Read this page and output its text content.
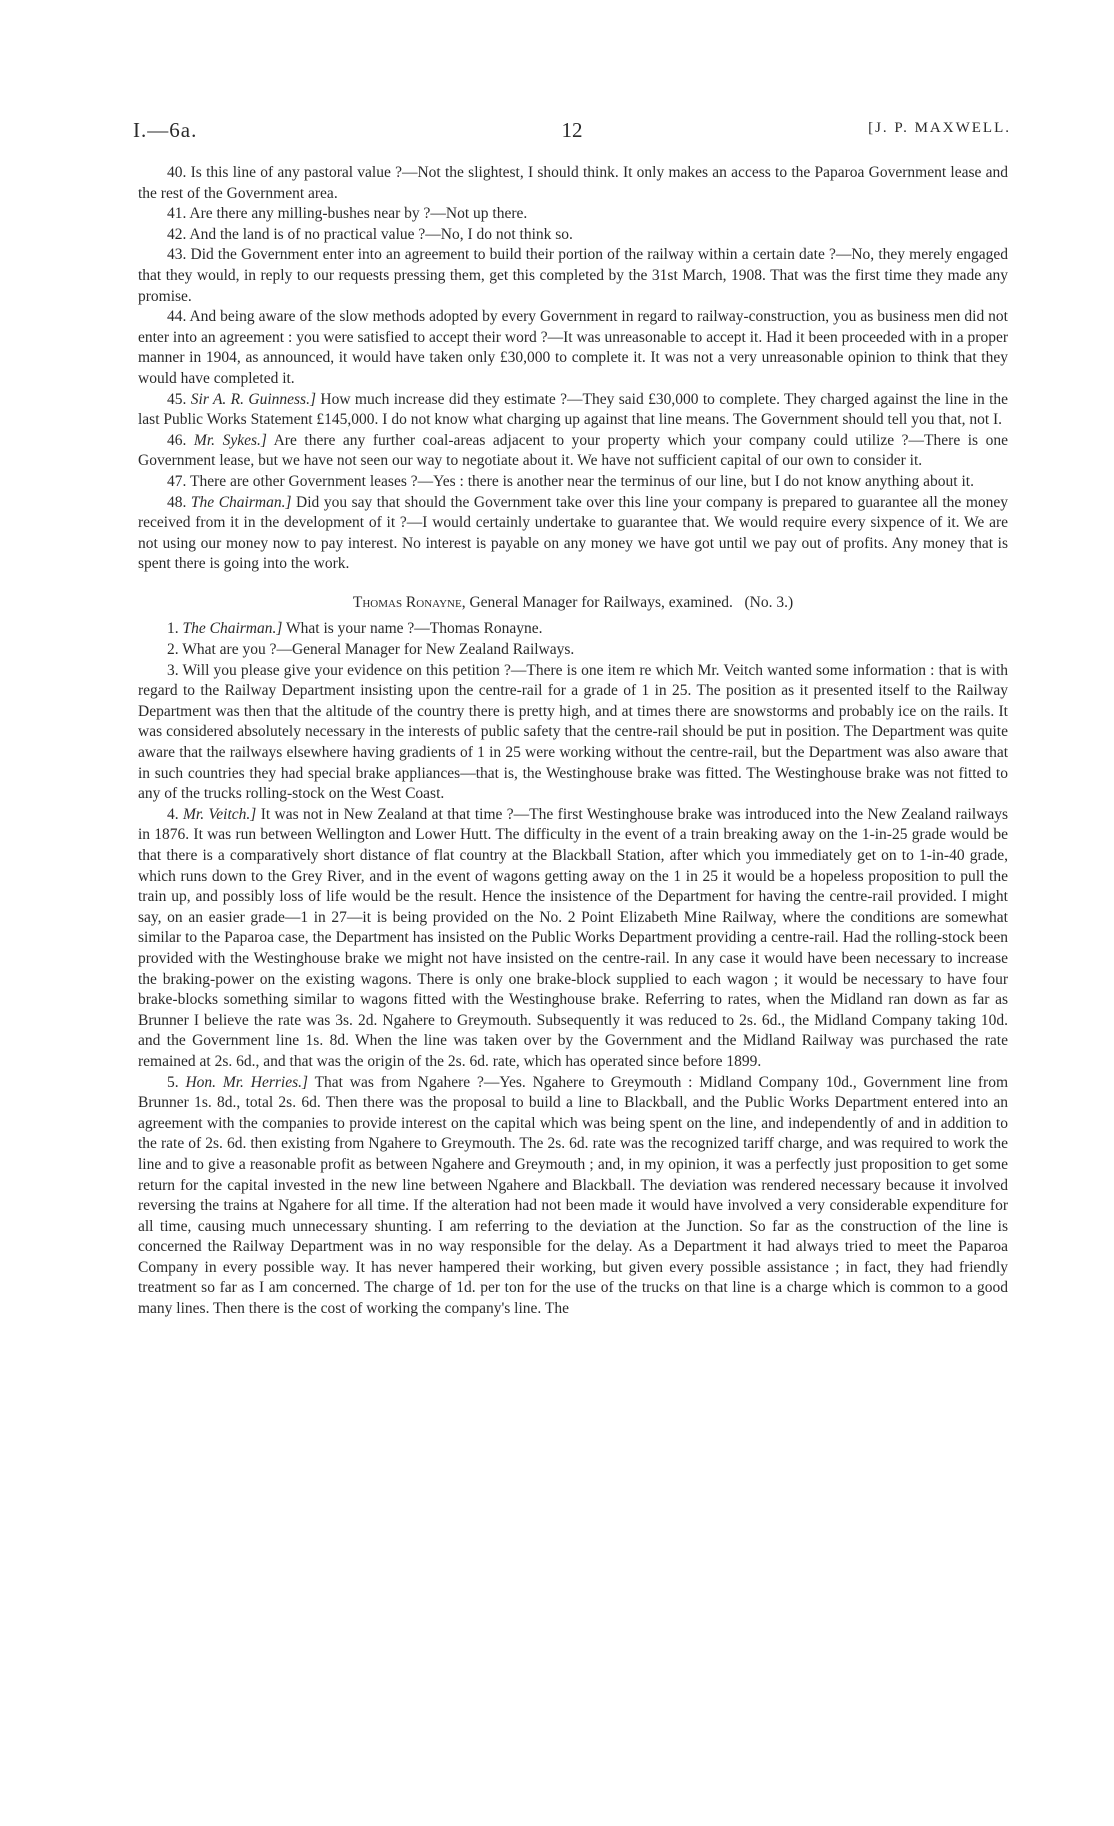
I.—6a.	12	[J. P. MAXWELL.

40. Is this line of any pastoral value ?—Not the slightest, I should think. It only makes an access to the Paparoa Government lease and the rest of the Government area.

41. Are there any milling-bushes near by ?—Not up there.

42. And the land is of no practical value ?—No, I do not think so.

43. Did the Government enter into an agreement to build their portion of the railway within a certain date ?—No, they merely engaged that they would, in reply to our requests pressing them, get this completed by the 31st March, 1908. That was the first time they made any promise.

44. And being aware of the slow methods adopted by every Government in regard to railway-construction, you as business men did not enter into an agreement : you were satisfied to accept their word ?—It was unreasonable to accept it. Had it been proceeded with in a proper manner in 1904, as announced, it would have taken only £30,000 to complete it. It was not a very unreasonable opinion to think that they would have completed it.

45. Sir A. R. Guinness.] How much increase did they estimate ?—They said £30,000 to complete. They charged against the line in the last Public Works Statement £145,000. I do not know what charging up against that line means. The Government should tell you that, not I.

46. Mr. Sykes.] Are there any further coal-areas adjacent to your property which your company could utilize ?—There is one Government lease, but we have not seen our way to negotiate about it. We have not sufficient capital of our own to consider it.

47. There are other Government leases ?—Yes : there is another near the terminus of our line, but I do not know anything about it.

48. The Chairman.] Did you say that should the Government take over this line your company is prepared to guarantee all the money received from it in the development of it ?—I would certainly undertake to guarantee that. We would require every sixpence of it. We are not using our money now to pay interest. No interest is payable on any money we have got until we pay out of profits. Any money that is spent there is going into the work.

Thomas Ronayne, General Manager for Railways, examined. (No. 3.)

1. The Chairman.] What is your name ?—Thomas Ronayne.

2. What are you ?—General Manager for New Zealand Railways.

3. Will you please give your evidence on this petition ?—There is one item re which Mr. Veitch wanted some information : that is with regard to the Railway Department insisting upon the centre-rail for a grade of 1 in 25. The position as it presented itself to the Railway Department was then that the altitude of the country there is pretty high, and at times there are snowstorms and probably ice on the rails. It was considered absolutely necessary in the interests of public safety that the centre-rail should be put in position. The Department was quite aware that the railways elsewhere having gradients of 1 in 25 were working without the centre-rail, but the Department was also aware that in such countries they had special brake appliances—that is, the Westinghouse brake was fitted. The Westinghouse brake was not fitted to any of the trucks rolling-stock on the West Coast.

4. Mr. Veitch.] It was not in New Zealand at that time ?—The first Westinghouse brake was introduced into the New Zealand railways in 1876. It was run between Wellington and Lower Hutt. The difficulty in the event of a train breaking away on the 1-in-25 grade would be that there is a comparatively short distance of flat country at the Blackball Station, after which you immediately get on to 1-in-40 grade, which runs down to the Grey River, and in the event of wagons getting away on the 1 in 25 it would be a hopeless proposition to pull the train up, and possibly loss of life would be the result. Hence the insistence of the Department for having the centre-rail provided. I might say, on an easier grade—1 in 27—it is being provided on the No. 2 Point Elizabeth Mine Railway, where the conditions are somewhat similar to the Paparoa case, the Department has insisted on the Public Works Department providing a centre-rail. Had the rolling-stock been provided with the Westinghouse brake we might not have insisted on the centre-rail. In any case it would have been necessary to increase the braking-power on the existing wagons. There is only one brake-block supplied to each wagon ; it would be necessary to have four brake-blocks something similar to wagons fitted with the Westinghouse brake. Referring to rates, when the Midland ran down as far as Brunner I believe the rate was 3s. 2d. Ngahere to Greymouth. Subsequently it was reduced to 2s. 6d., the Midland Company taking 10d. and the Government line 1s. 8d. When the line was taken over by the Government and the Midland Railway was purchased the rate remained at 2s. 6d., and that was the origin of the 2s. 6d. rate, which has operated since before 1899.

5. Hon. Mr. Herries.] That was from Ngahere ?—Yes. Ngahere to Greymouth : Midland Company 10d., Government line from Brunner 1s. 8d., total 2s. 6d. Then there was the proposal to build a line to Blackball, and the Public Works Department entered into an agreement with the companies to provide interest on the capital which was being spent on the line, and independently of and in addition to the rate of 2s. 6d. then existing from Ngahere to Greymouth. The 2s. 6d. rate was the recognized tariff charge, and was required to work the line and to give a reasonable profit as between Ngahere and Greymouth ; and, in my opinion, it was a perfectly just proposition to get some return for the capital invested in the new line between Ngahere and Blackball. The deviation was rendered necessary because it involved reversing the trains at Ngahere for all time. If the alteration had not been made it would have involved a very considerable expenditure for all time, causing much unnecessary shunting. I am referring to the deviation at the Junction. So far as the construction of the line is concerned the Railway Department was in no way responsible for the delay. As a Department it had always tried to meet the Paparoa Company in every possible way. It has never hampered their working, but given every possible assistance ; in fact, they had friendly treatment so far as I am concerned. The charge of 1d. per ton for the use of the trucks on that line is a charge which is common to a good many lines. Then there is the cost of working the company's line. The
